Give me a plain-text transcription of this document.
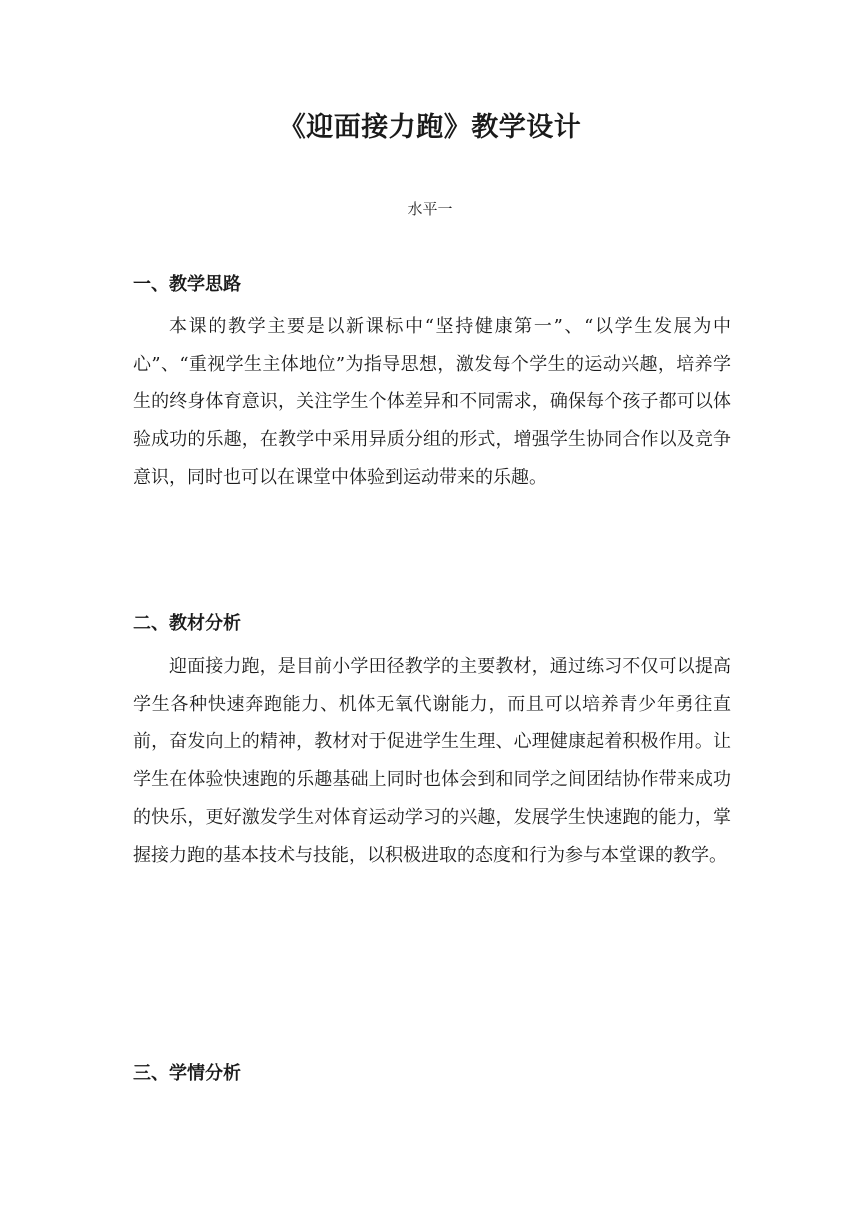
《迎面接力跑》教学设计
水平一
一、教学思路

本课的教学主要是以新课标中“坚持健康第一”、“以学生发展为中心”、“重视学生主体地位”为指导思想，激发每个学生的运动兴趣，培养学生的终身体育意识，关注学生个体差异和不同需求，确保每个孩子都可以体验成功的乐趣，在教学中采用异质分组的形式，增强学生协同合作以及竞争意识，同时也可以在课堂中体验到运动带来的乐趣。

二、教材分析

迎面接力跑，是目前小学田径教学的主要教材，通过练习不仅可以提高学生各种快速奔跑能力、机体无氧代谢能力，而且可以培养青少年勇往直前，奋发向上的精神，教材对于促进学生生理、心理健康起着积极作用。让学生在体验快速跑的乐趣基础上同时也体会到和同学之间团结协作带来成功的快乐，更好激发学生对体育运动学习的兴趣，发展学生快速跑的能力，掌握接力跑的基本技术与技能，以积极进取的态度和行为参与本堂课的教学。

三、学情分析
